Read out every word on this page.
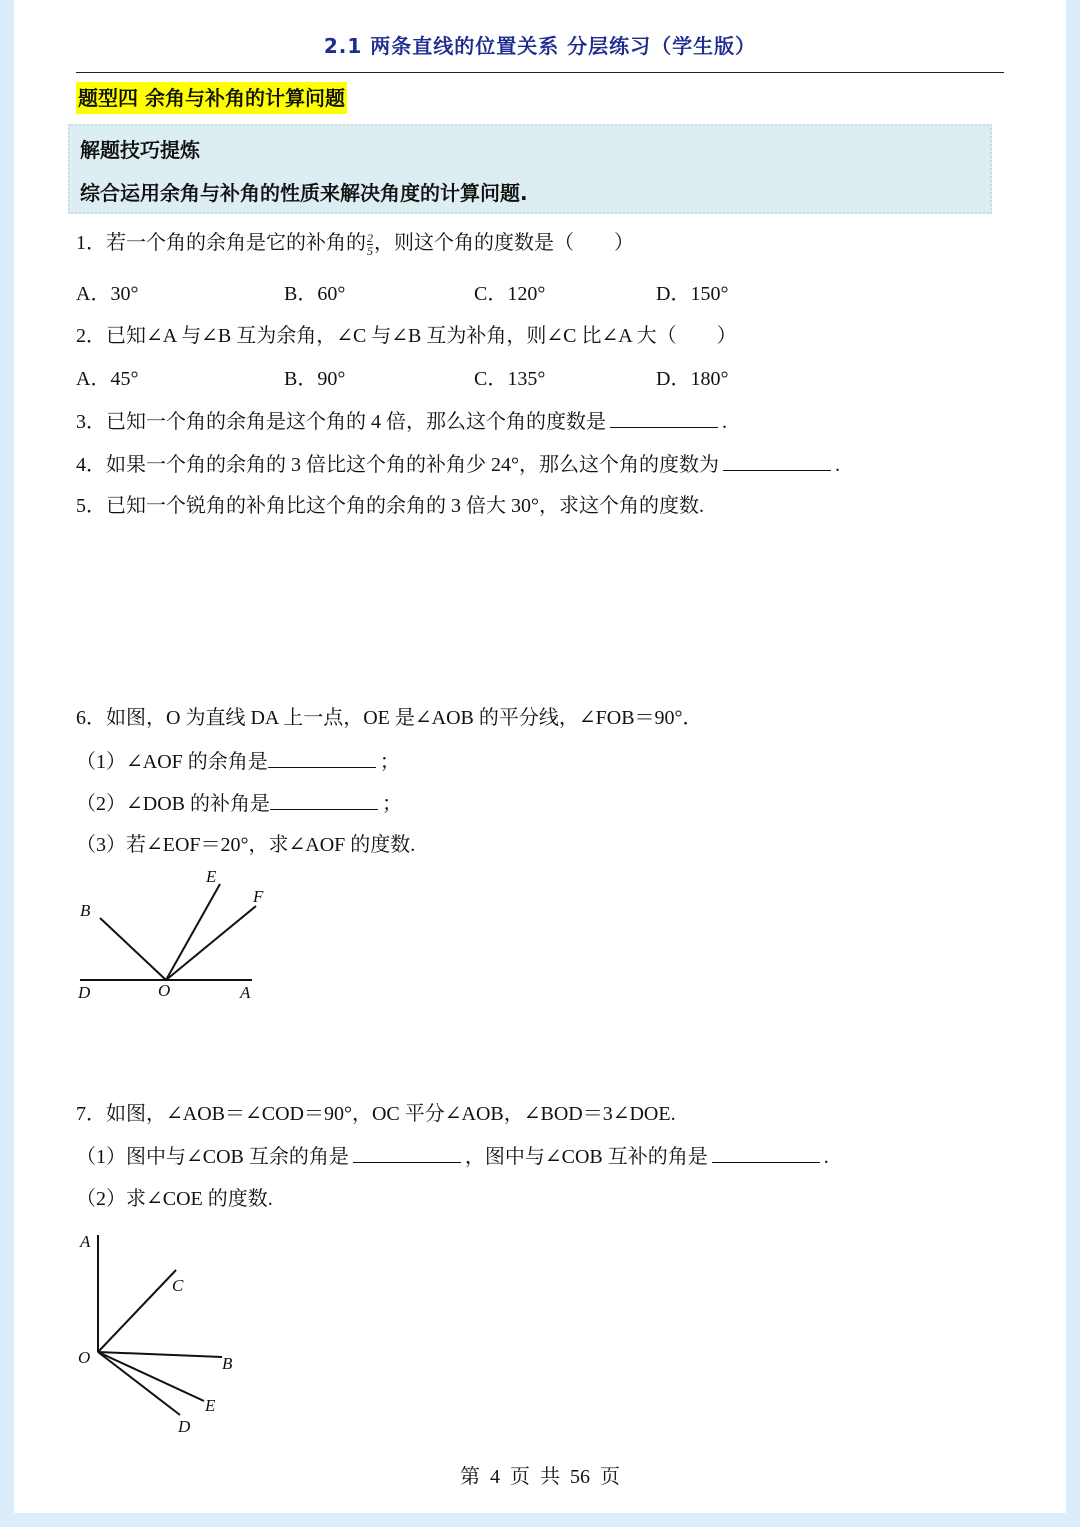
2.1 两条直线的位置关系 分层练习（学生版）
题型四 余角与补角的计算问题
解题技巧提炼
综合运用余角与补角的性质来解决角度的计算问题.
1．若一个角的余角是它的补角的 $\frac{2}{5}$ ，则这个角的度数是（　　）
A．30°	B．60°	C．120°	D．150°
2．已知∠A 与∠B 互为余角，∠C 与∠B 互为补角，则∠C 比∠A 大（　　）
A．45°	B．90°	C．135°	D．180°
3．已知一个角的余角是这个角的 4 倍，那么这个角的度数是	.
4．如果一个角的余角的 3 倍比这个角的补角少 24°，那么这个角的度数为	.
5．已知一个锐角的补角比这个角的余角的 3 倍大 30°，求这个角的度数.
6．如图，O 为直线 DA 上一点，OE 是∠AOB 的平分线，∠FOB＝90°．
（1）∠AOF 的余角是	；
（2）∠DOB 的补角是	；
（3）若∠EOF＝20°，求∠AOF 的度数.
B
E
F
D	O	A
7．如图，∠AOB＝∠COD＝90°，OC 平分∠AOB，∠BOD＝3∠DOE.
（1）图中与∠COB 互余的角是	，图中与∠COB 互补的角是	.
（2）求∠COE 的度数.
A
C
O	B
E
D
第  4  页  共  56  页
